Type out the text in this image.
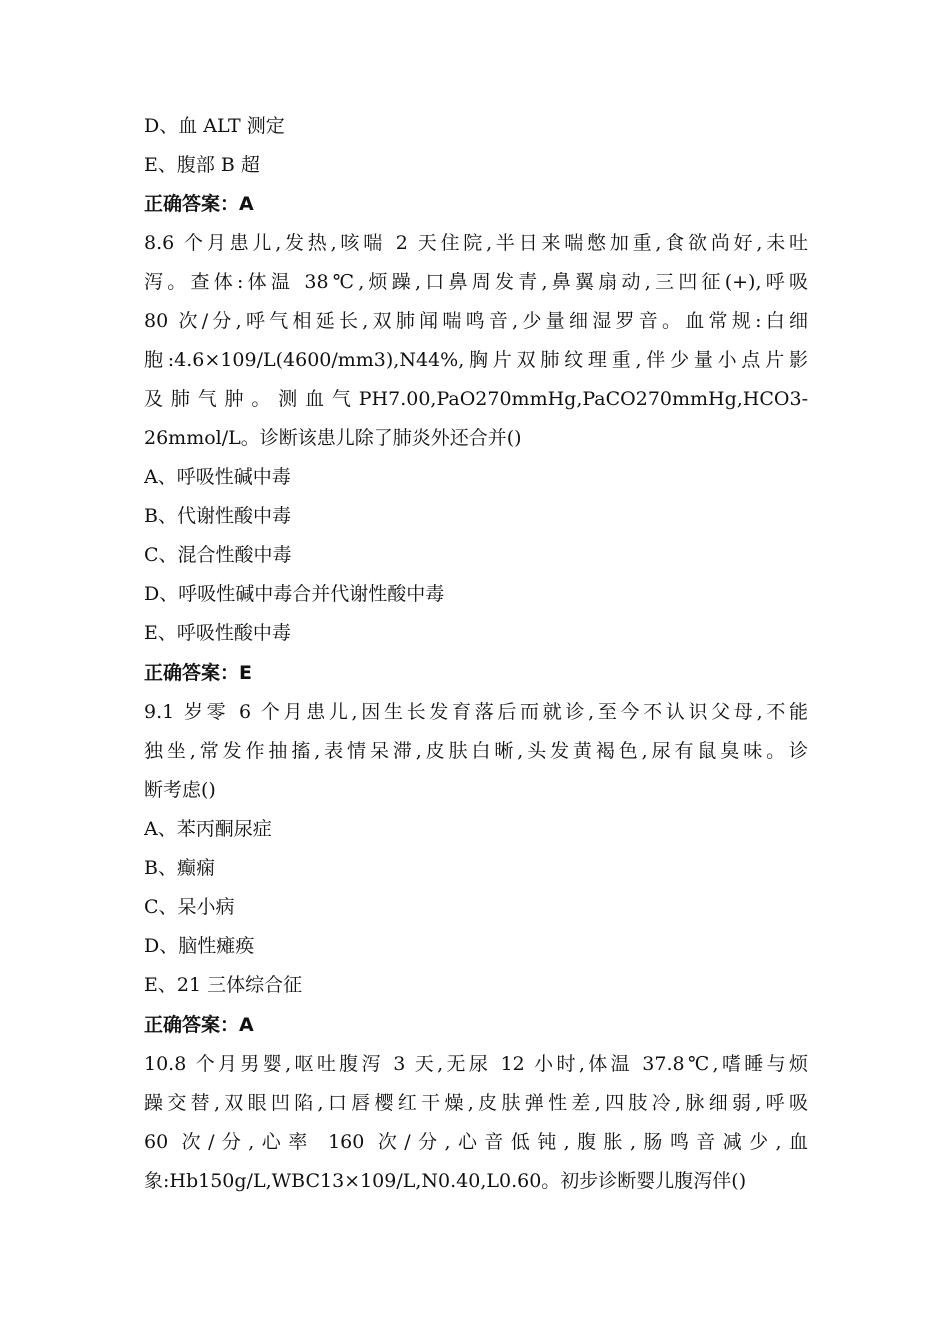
D、血 ALT 测定
E、腹部 B 超
正确答案：A
8.6 个月患儿,发热,咳喘 2 天住院,半日来喘憋加重,食欲尚好,未吐
泻。查体:体温 38℃,烦躁,口鼻周发青,鼻翼扇动,三凹征(+),呼吸
80 次/分,呼气相延长,双肺闻喘鸣音,少量细湿罗音。血常规:白细
胞:4.6×109/L(4600/mm3),N44%,胸片双肺纹理重,伴少量小点片影
及 肺 气 肿 。 测 血 气 PH7.00,PaO270mmHg,PaCO270mmHg,HCO3-
26mmol/L。诊断该患儿除了肺炎外还合并()
A、呼吸性碱中毒
B、代谢性酸中毒
C、混合性酸中毒
D、呼吸性碱中毒合并代谢性酸中毒
E、呼吸性酸中毒
正确答案：E
9.1 岁零 6 个月患儿,因生长发育落后而就诊,至今不认识父母,不能
独坐,常发作抽搐,表情呆滞,皮肤白晰,头发黄褐色,尿有鼠臭味。诊
断考虑()
A、苯丙酮尿症
B、癫痫
C、呆小病
D、脑性瘫痪
E、21 三体综合征
正确答案：A
10.8 个月男婴,呕吐腹泻 3 天,无尿 12 小时,体温 37.8℃,嗜睡与烦
躁交替,双眼凹陷,口唇樱红干燥,皮肤弹性差,四肢冷,脉细弱,呼吸
60 次/分,心率 160 次/分,心音低钝,腹胀,肠鸣音减少,血
象:Hb150g/L,WBC13×109/L,N0.40,L0.60。初步诊断婴儿腹泻伴()
